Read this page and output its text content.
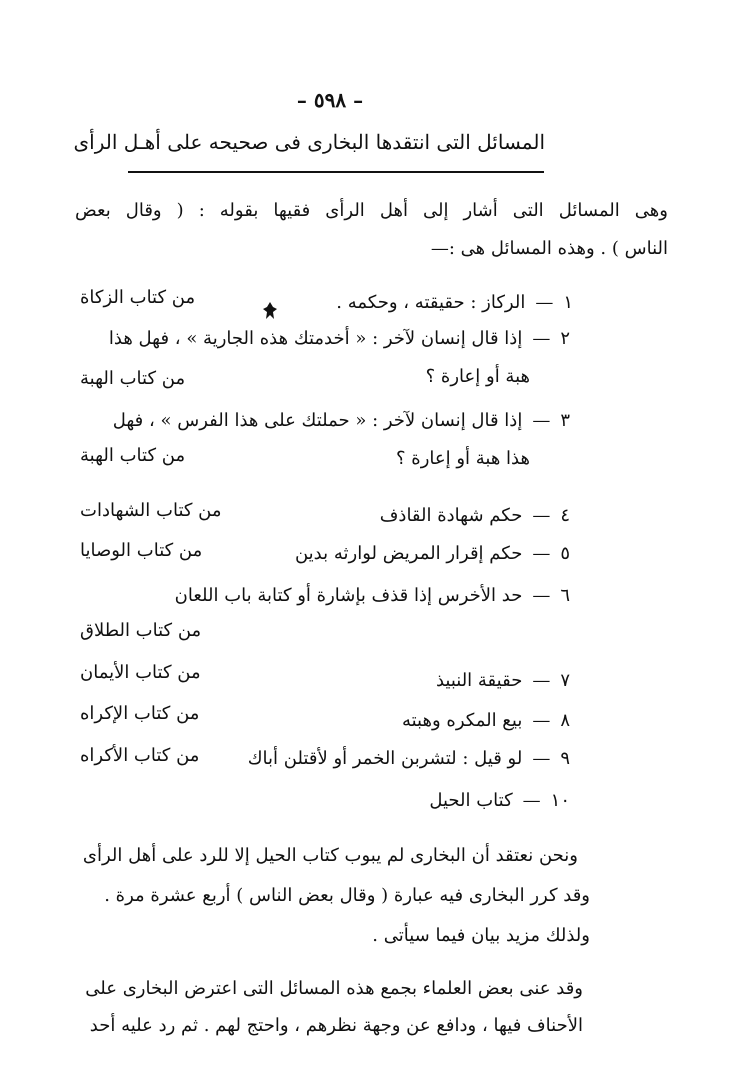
– ٥٩٨ –
المسائل التى انتقدها البخارى فى صحيحه على أهـل الرأى
وهى المسائل التى أشار إلى أهل الرأى فقيها بقوله : ( وقال بعض
الناس ) . وهذه المسائل هى :—
١—الركاز : حقيقته ، وحكمه .
من كتاب الزكاة
٢—إذا قال إنسان لآخر : « أخدمتك هذه الجارية » ، فهل هذا
هبة أو إعارة ؟
من كتاب الهبة
٣—إذا قال إنسان لآخر : « حملتك على هذا الفرس » ، فهل
هذا هبة أو إعارة ؟
من كتاب الهبة
٤—حكم شهادة القاذف
من كتاب الشهادات
٥—حكم إقرار المريض لوارثه بدين
من كتاب الوصايا
٦—حد الأخرس إذا قذف بإشارة أو كتابة باب اللعان
من كتاب الطلاق
٧—حقيقة النبيذ
من كتاب الأيمان
٨—بيع المكره وهبته
من كتاب الإكراه
٩—لو قيل : لتشربن الخمر أو لأقتلن أباك
من كتاب الأكراه
١٠—كتاب الحيل
ونحن نعتقد أن البخارى لم يبوب كتاب الحيل إلا للرد على أهل الرأى
وقد كرر البخارى فيه عبارة ( وقال بعض الناس ) أربع عشرة مرة .
ولذلك مزيد بيان فيما سيأتى .
وقد عنى بعض العلماء بجمع هذه المسائل التى اعترض البخارى على
الأحناف فيها ، ودافع عن وجهة نظرهم ، واحتج لهم . ثم رد عليه أحد
